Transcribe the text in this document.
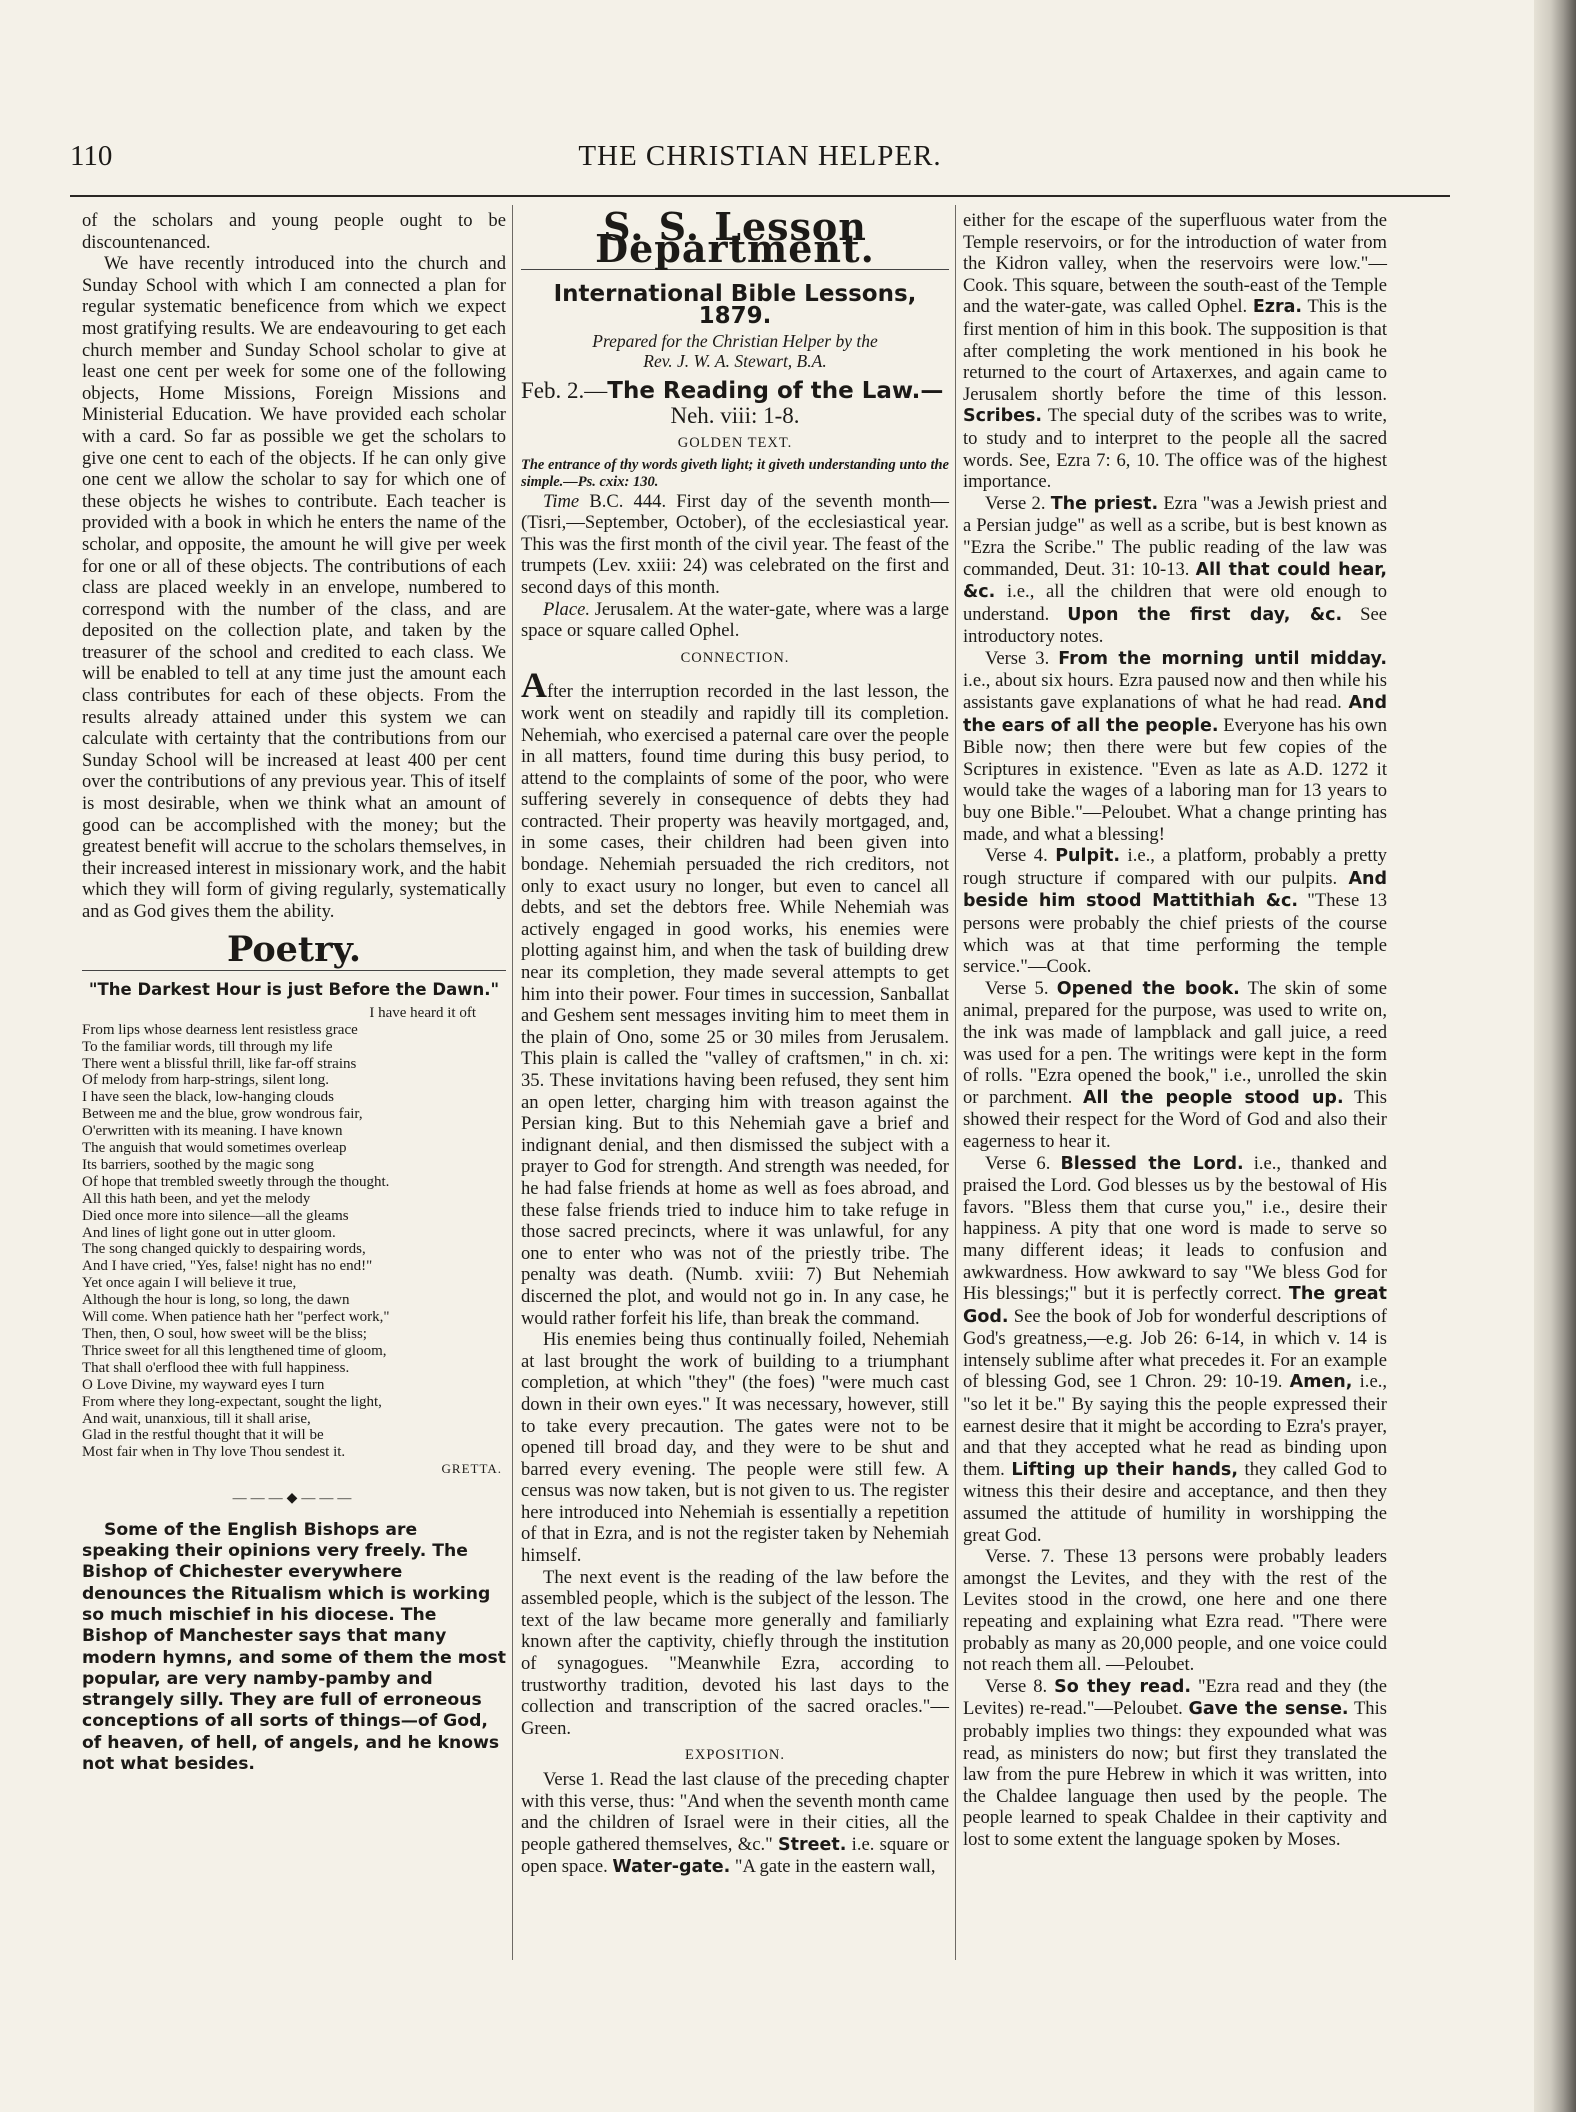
THE CHRISTIAN HELPER.
110

of the scholars and young people ought to be discountenanced.

We have recently introduced into the church and Sunday School with which I am connected a plan for regular systematic beneficence from which we expect most gratifying results. We are endeavouring to get each church member and Sunday School scholar to give at least one cent per week for some one of the following objects, Home Missions, Foreign Missions and Ministerial Education. We have provided each scholar with a card. So far as possible we get the scholars to give one cent to each of the objects. If he can only give one cent we allow the scholar to say for which one of these objects he wishes to contribute. Each teacher is provided with a book in which he enters the name of the scholar, and opposite, the amount he will give per week for one or all of these objects. The contributions of each class are placed weekly in an envelope, numbered to correspond with the number of the class, and are deposited on the collection plate, and taken by the treasurer of the school and credited to each class. We will be enabled to tell at any time just the amount each class contributes for each of these objects. From the results already attained under this system we can calculate with certainty that the contributions from our Sunday School will be increased at least 400 per cent over the contributions of any previous year. This of itself is most desirable, when we think what an amount of good can be accomplished with the money; but the greatest benefit will accrue to the scholars themselves, in their increased interest in missionary work, and the habit which they will form of giving regularly, systematically and as God gives them the ability.

Poetry.
"The Darkest Hour is just Before the Dawn."
I have heard it oft
From lips whose dearness lent resistless grace
To the familiar words, till through my life
There went a blissful thrill, like far-off strains
Of melody from harp-strings, silent long.
I have seen the black, low-hanging clouds
Between me and the blue, grow wondrous fair,
O'erwritten with its meaning. I have known
The anguish that would sometimes overleap
Its barriers, soothed by the magic song
Of hope that trembled sweetly through the thought.
All this hath been, and yet the melody
Died once more into silence—all the gleams
And lines of light gone out in utter gloom.
The song changed quickly to despairing words,
And I have cried, "Yes, false! night has no end!"
Yet once again I will believe it true,
Although the hour is long, so long, the dawn
Will come. When patience hath her "perfect work,"
Then, then, O soul, how sweet will be the bliss;
Thrice sweet for all this lengthened time of gloom,
That shall o'erflood thee with full happiness.
O Love Divine, my wayward eyes I turn
From where they long-expectant, sought the light,
And wait, unanxious, till it shall arise,
Glad in the restful thought that it will be
Most fair when in Thy love Thou sendest it.
GRETTA.
———◆———

Some of the English Bishops are speaking their opinions very freely. The Bishop of Chichester everywhere denounces the Ritualism which is working so much mischief in his diocese. The Bishop of Manchester says that many modern hymns, and some of them the most popular, are very namby-pamby and strangely silly. They are full of erroneous conceptions of all sorts of things—of God, of heaven, of hell, of angels, and he knows not what besides.

S. S. Lesson Department.
International Bible Lessons, 1879.
Prepared for the Christian Helper by the
Rev. J. W. A. Stewart, B.A.
Feb. 2.—The Reading of the Law.—
Neh. viii: 1-8.
GOLDEN TEXT.

The entrance of thy words giveth light; it giveth understanding unto the simple.—Ps. cxix: 130.

Time B.C. 444. First day of the seventh month—(Tisri,—September, October), of the ecclesiastical year. This was the first month of the civil year. The feast of the trumpets (Lev. xxiii: 24) was celebrated on the first and second days of this month.

Place. Jerusalem. At the water-gate, where was a large space or square called Ophel.

CONNECTION.

After the interruption recorded in the last lesson, the work went on steadily and rapidly till its completion. Nehemiah, who exercised a paternal care over the people in all matters, found time during this busy period, to attend to the complaints of some of the poor, who were suffering severely in consequence of debts they had contracted. Their property was heavily mortgaged, and, in some cases, their children had been given into bondage. Nehemiah persuaded the rich creditors, not only to exact usury no longer, but even to cancel all debts, and set the debtors free. While Nehemiah was actively engaged in good works, his enemies were plotting against him, and when the task of building drew near its completion, they made several attempts to get him into their power. Four times in succession, Sanballat and Geshem sent messages inviting him to meet them in the plain of Ono, some 25 or 30 miles from Jerusalem. This plain is called the "valley of craftsmen," in ch. xi: 35. These invitations having been refused, they sent him an open letter, charging him with treason against the Persian king. But to this Nehemiah gave a brief and indignant denial, and then dismissed the subject with a prayer to God for strength. And strength was needed, for he had false friends at home as well as foes abroad, and these false friends tried to induce him to take refuge in those sacred precincts, where it was unlawful, for any one to enter who was not of the priestly tribe. The penalty was death. (Numb. xviii: 7) But Nehemiah discerned the plot, and would not go in. In any case, he would rather forfeit his life, than break the command.

His enemies being thus continually foiled, Nehemiah at last brought the work of building to a triumphant completion, at which "they" (the foes) "were much cast down in their own eyes." It was necessary, however, still to take every precaution. The gates were not to be opened till broad day, and they were to be shut and barred every evening. The people were still few. A census was now taken, but is not given to us. The register here introduced into Nehemiah is essentially a repetition of that in Ezra, and is not the register taken by Nehemiah himself.

The next event is the reading of the law before the assembled people, which is the subject of the lesson. The text of the law became more generally and familiarly known after the captivity, chiefly through the institution of synagogues. "Meanwhile Ezra, according to trustworthy tradition, devoted his last days to the collection and transcription of the sacred oracles."—Green.

EXPOSITION.

Verse 1. Read the last clause of the preceding chapter with this verse, thus: "And when the seventh month came and the children of Israel were in their cities, all the people gathered themselves, &c." Street. i.e. square or open space. Water-gate. "A gate in the eastern wall,

either for the escape of the superfluous water from the Temple reservoirs, or for the introduction of water from the Kidron valley, when the reservoirs were low."—Cook. This square, between the south-east of the Temple and the water-gate, was called Ophel. Ezra. This is the first mention of him in this book. The supposition is that after completing the work mentioned in his book he returned to the court of Artaxerxes, and again came to Jerusalem shortly before the time of this lesson. Scribes. The special duty of the scribes was to write, to study and to interpret to the people all the sacred words. See, Ezra 7: 6, 10. The office was of the highest importance.

Verse 2. The priest. Ezra "was a Jewish priest and a Persian judge" as well as a scribe, but is best known as "Ezra the Scribe." The public reading of the law was commanded, Deut. 31: 10-13. All that could hear, &c. i.e., all the children that were old enough to understand. Upon the first day, &c. See introductory notes.

Verse 3. From the morning until midday. i.e., about six hours. Ezra paused now and then while his assistants gave explanations of what he had read. And the ears of all the people. Everyone has his own Bible now; then there were but few copies of the Scriptures in existence. "Even as late as A.D. 1272 it would take the wages of a laboring man for 13 years to buy one Bible."—Peloubet. What a change printing has made, and what a blessing!

Verse 4. Pulpit. i.e., a platform, probably a pretty rough structure if compared with our pulpits. And beside him stood Mattithiah &c. "These 13 persons were probably the chief priests of the course which was at that time performing the temple service."—Cook.

Verse 5. Opened the book. The skin of some animal, prepared for the purpose, was used to write on, the ink was made of lampblack and gall juice, a reed was used for a pen. The writings were kept in the form of rolls. "Ezra opened the book," i.e., unrolled the skin or parchment. All the people stood up. This showed their respect for the Word of God and also their eagerness to hear it.

Verse 6. Blessed the Lord. i.e., thanked and praised the Lord. God blesses us by the bestowal of His favors. "Bless them that curse you," i.e., desire their happiness. A pity that one word is made to serve so many different ideas; it leads to confusion and awkwardness. How awkward to say "We bless God for His blessings;" but it is perfectly correct. The great God. See the book of Job for wonderful descriptions of God's greatness,—e.g. Job 26: 6-14, in which v. 14 is intensely sublime after what precedes it. For an example of blessing God, see 1 Chron. 29: 10-19. Amen, i.e., "so let it be." By saying this the people expressed their earnest desire that it might be according to Ezra's prayer, and that they accepted what he read as binding upon them. Lifting up their hands, they called God to witness this their desire and acceptance, and then they assumed the attitude of humility in worshipping the great God.

Verse. 7. These 13 persons were probably leaders amongst the Levites, and they with the rest of the Levites stood in the crowd, one here and one there repeating and explaining what Ezra read. "There were probably as many as 20,000 people, and one voice could not reach them all. —Peloubet.

Verse 8. So they read. "Ezra read and they (the Levites) re-read."—Peloubet. Gave the sense. This probably implies two things: they expounded what was read, as ministers do now; but first they translated the law from the pure Hebrew in which it was written, into the Chaldee language then used by the people. The people learned to speak Chaldee in their captivity and lost to some extent the language spoken by Moses.
